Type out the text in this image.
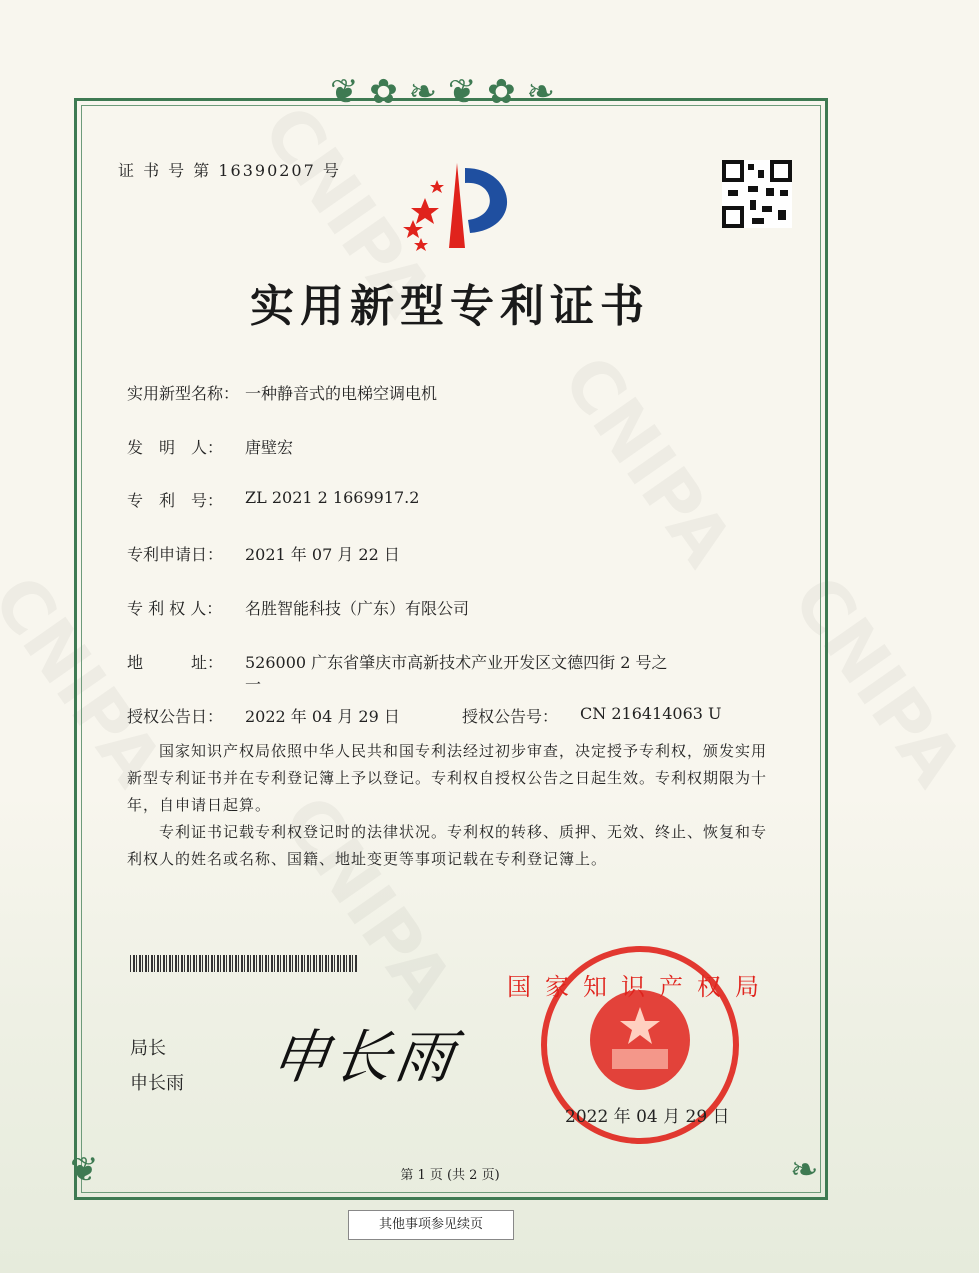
❦ ✿ ❧ ❦ ✿ ❧
❦	❧
证 书 号 第 16390207 号
实用新型专利证书
实用新型名称： 一种静音式的电梯空调电机
发　明　人：	唐壁宏
专　利　号：	ZL 2021 2 1669917.2
专利申请日：	2021 年 07 月 22 日
专 利 权 人：	名胜智能科技（广东）有限公司
地　　　址：	526000 广东省肇庆市高新技术产业开发区文德四街 2 号之
一
授权公告日：	2022 年 04 月 29 日	授权公告号： CN 216414063 U
国家知识产权局依照中华人民共和国专利法经过初步审查，决定授予专利权，颁发实用新型专利证书并在专利登记簿上予以登记。专利权自授权公告之日起生效。专利权期限为十年，自申请日起算。
专利证书记载专利权登记时的法律状况。专利权的转移、质押、无效、终止、恢复和专利权人的姓名或名称、国籍、地址变更等事项记载在专利登记簿上。
局长
申长雨 申长雨
国家知识产权局
2022 年 04 月 29 日
第 1 页 (共 2 页)
其他事项参见续页
